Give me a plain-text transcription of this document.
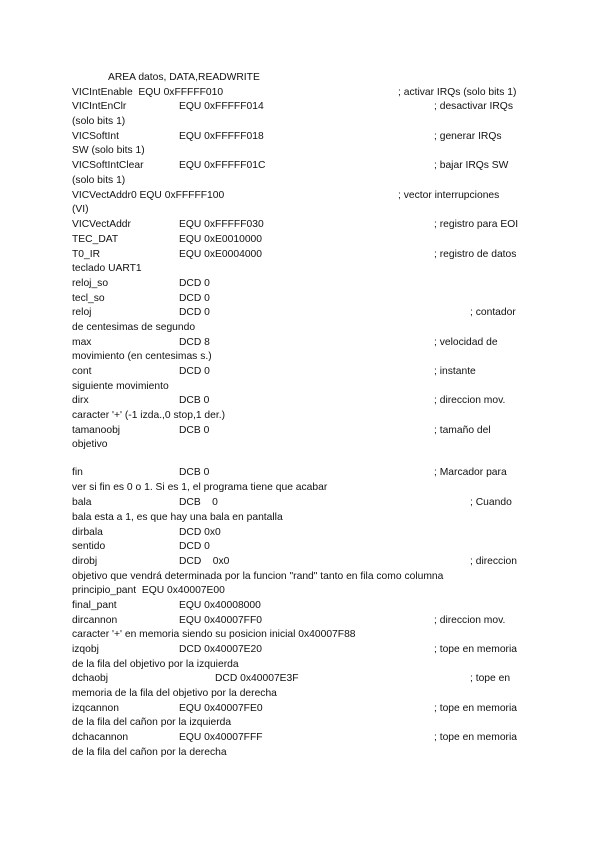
AREA datos, DATA,READWRITE
VICIntEnable  EQU 0xFFFFF010	; activar IRQs (solo bits 1)
VICIntEnClr	EQU 0xFFFFF014	; desactivar IRQs
(solo bits 1)
VICSoftInt	EQU 0xFFFFF018	; generar IRQs
SW (solo bits 1)
VICSoftIntClear	EQU 0xFFFFF01C	; bajar IRQs SW
(solo bits 1)
VICVectAddr0 EQU 0xFFFFF100	; vector interrupciones
(VI)
VICVectAddr	EQU 0xFFFFF030	; registro para EOI
TEC_DAT	EQU 0xE0010000
T0_IR	EQU 0xE0004000	; registro de datos
teclado UART1
reloj_so	DCD 0
tecl_so	DCD 0
reloj	DCD 0	; contador
de centesimas de segundo
max	DCD 8	; velocidad de
movimiento (en centesimas s.)
cont	DCD 0	; instante
siguiente movimiento
dirx	DCB 0	; direccion mov.
caracter '+' (-1 izda.,0 stop,1 der.)
tamanoobj	DCB 0	; tamaño del
objetivo
fin	DCB 0	; Marcador para
ver si fin es 0 o 1. Si es 1, el programa tiene que acabar
bala	DCB    0	; Cuando
bala esta a 1, es que hay una bala en pantalla
dirbala	DCD 0x0
sentido	DCD 0
dirobj	DCD    0x0	; direccion
objetivo que vendrá determinada por la funcion "rand" tanto en fila como columna
principio_pant  EQU 0x40007E00
final_pant	EQU 0x40008000
dircannon	EQU 0x40007FF0	; direccion mov.
caracter '+' en memoria siendo su posicion inicial 0x40007F88
izqobj	DCD 0x40007E20	; tope en memoria
de la fila del objetivo por la izquierda
dchaobj	DCD 0x40007E3F	; tope en
memoria de la fila del objetivo por la derecha
izqcannon	EQU 0x40007FE0	; tope en memoria
de la fila del cañon por la izquierda
dchacannon	EQU 0x40007FFF	; tope en memoria
de la fila del cañon por la derecha
